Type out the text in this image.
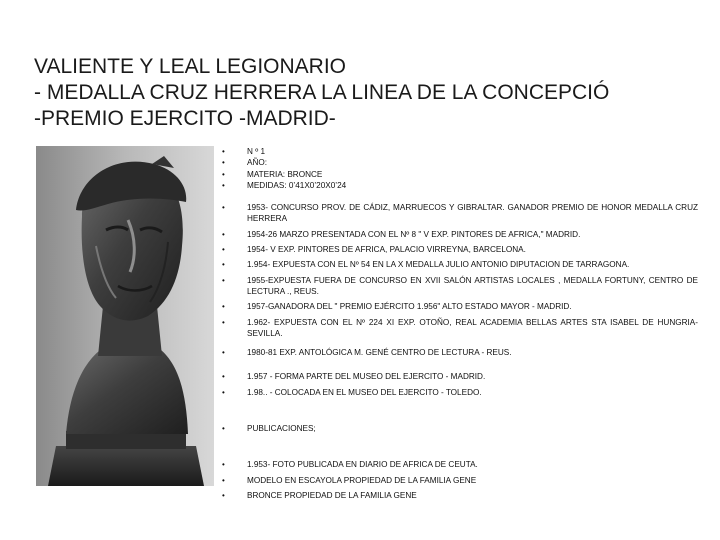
VALIENTE Y LEAL LEGIONARIO
- MEDALLA CRUZ HERRERA LA LINEA DE LA CONCEPCIÓ
-PREMIO EJERCITO -MADRID-
• N º 1
• AÑO:
• MATERIA: BRONCE
• MEDIDAS: 0’41X0’20X0’24
• 1953- CONCURSO PROV. DE CÁDIZ, MARRUECOS Y GIBRALTAR. GANADOR PREMIO DE HONOR MEDALLA CRUZ HERRERA
• 1954-26 MARZO PRESENTADA CON EL Nº 8 " V EXP. PINTORES DE AFRICA," MADRID.
• 1954- V EXP. PINTORES DE AFRICA, PALACIO VIRREYNA, BARCELONA.
• 1.954- EXPUESTA CON EL Nº 54 EN LA X MEDALLA JULIO ANTONIO DIPUTACION DE TARRAGONA.
• 1955-EXPUESTA FUERA DE CONCURSO EN XVII SALÓN ARTISTAS LOCALES , MEDALLA FORTUNY, CENTRO DE LECTURA ., REUS.
• 1957-GANADORA DEL " PREMIO EJÉRCITO 1.956" ALTO ESTADO MAYOR - MADRID.
• 1.962- EXPUESTA CON EL Nº 224 XI EXP. OTOÑO, REAL ACADEMIA BELLAS ARTES STA ISABEL DE HUNGRIA- SEVILLA.
• 1980-81 EXP. ANTOLÓGICA M. GENÉ CENTRO DE LECTURA - REUS.
• 1.957 - FORMA PARTE DEL MUSEO DEL EJERCITO - MADRID.
• 1.98.. - COLOCADA EN EL MUSEO DEL EJERCITO - TOLEDO.
• PUBLICACIONES;
• 1.953- FOTO PUBLICADA EN DIARIO DE AFRICA DE CEUTA.
• MODELO EN ESCAYOLA PROPIEDAD DE LA FAMILIA GENE
• BRONCE PROPIEDAD DE LA FAMILIA GENE
